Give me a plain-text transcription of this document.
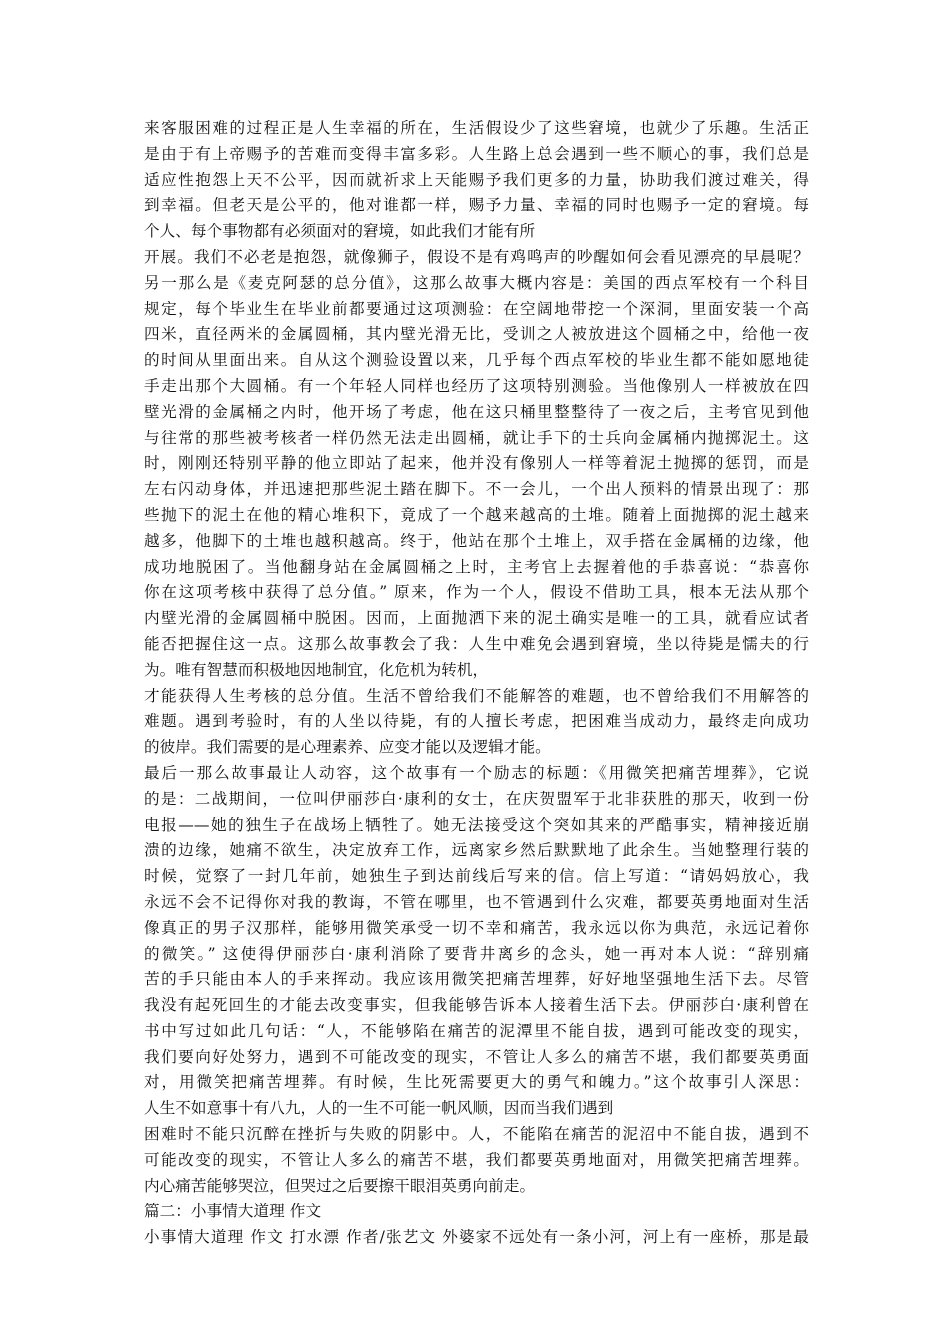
来客服困难的过程正是人生幸福的所在，生活假设少了这些窘境，也就少了乐趣。生活正
是由于有上帝赐予的苦难而变得丰富多彩。人生路上总会遇到一些不顺心的事，我们总是
适应性抱怨上天不公平，因而就祈求上天能赐予我们更多的力量，协助我们渡过难关，得
到幸福。但老天是公平的，他对谁都一样，赐予力量、幸福的同时也赐予一定的窘境。每
个人、每个事物都有必须面对的窘境，如此我们才能有所
开展。我们不必老是抱怨，就像狮子，假设不是有鸡鸣声的吵醒如何会看见漂亮的早晨呢？
另一那么是《麦克阿瑟的总分值》，这那么故事大概内容是：美国的西点军校有一个科目
规定，每个毕业生在毕业前都要通过这项测验：在空阔地带挖一个深洞，里面安装一个高
四米，直径两米的金属圆桶，其内壁光滑无比，受训之人被放进这个圆桶之中，给他一夜
的时间从里面出来。自从这个测验设置以来，几乎每个西点军校的毕业生都不能如愿地徒
手走出那个大圆桶。有一个年轻人同样也经历了这项特别测验。当他像别人一样被放在四
壁光滑的金属桶之内时，他开场了考虑，他在这只桶里整整待了一夜之后，主考官见到他
与往常的那些被考核者一样仍然无法走出圆桶，就让手下的士兵向金属桶内抛掷泥土。这
时，刚刚还特别平静的他立即站了起来，他并没有像别人一样等着泥土抛掷的惩罚，而是
左右闪动身体，并迅速把那些泥土踏在脚下。不一会儿，一个出人预料的情景出现了：那
些抛下的泥土在他的精心堆积下，竟成了一个越来越高的土堆。随着上面抛掷的泥土越来
越多，他脚下的土堆也越积越高。终于，他站在那个土堆上，双手搭在金属桶的边缘，他
成功地脱困了。当他翻身站在金属圆桶之上时，主考官上去握着他的手恭喜说：“恭喜你
你在这项考核中获得了总分值。” 原来，作为一个人，假设不借助工具，根本无法从那个
内壁光滑的金属圆桶中脱困。因而，上面抛洒下来的泥土确实是唯一的工具，就看应试者
能否把握住这一点。这那么故事教会了我：人生中难免会遇到窘境，坐以待毙是懦夫的行
为。唯有智慧而积极地因地制宜，化危机为转机，
才能获得人生考核的总分值。生活不曾给我们不能解答的难题，也不曾给我们不用解答的
难题。遇到考验时，有的人坐以待毙，有的人擅长考虑，把困难当成动力，最终走向成功
的彼岸。我们需要的是心理素养、应变才能以及逻辑才能。
最后一那么故事最让人动容，这个故事有一个励志的标题：《用微笑把痛苦埋葬》，它说
的是：二战期间，一位叫伊丽莎白·康利的女士，在庆贺盟军于北非获胜的那天，收到一份
电报——她的独生子在战场上牺牲了。她无法接受这个突如其来的严酷事实，精神接近崩
溃的边缘，她痛不欲生，决定放弃工作，远离家乡然后默默地了此余生。当她整理行装的
时候，觉察了一封几年前，她独生子到达前线后写来的信。信上写道：“请妈妈放心，我
永远不会不记得你对我的教诲，不管在哪里，也不管遇到什么灾难，都要英勇地面对生活
像真正的男子汉那样，能够用微笑承受一切不幸和痛苦，我永远以你为典范，永远记着你
的微笑。” 这使得伊丽莎白·康利消除了要背井离乡的念头，她一再对本人说：“辞别痛
苦的手只能由本人的手来挥动。我应该用微笑把痛苦埋葬，好好地坚强地生活下去。尽管
我没有起死回生的才能去改变事实，但我能够告诉本人接着生活下去。伊丽莎白·康利曾在
书中写过如此几句话：“人，不能够陷在痛苦的泥潭里不能自拔，遇到可能改变的现实，
我们要向好处努力，遇到不可能改变的现实，不管让人多么的痛苦不堪，我们都要英勇面
对，用微笑把痛苦埋葬。有时候，生比死需要更大的勇气和魄力。”这个故事引人深思：
人生不如意事十有八九，人的一生不可能一帆风顺，因而当我们遇到
困难时不能只沉醉在挫折与失败的阴影中。人，不能陷在痛苦的泥沼中不能自拔，遇到不
可能改变的现实，不管让人多么的痛苦不堪，我们都要英勇地面对，用微笑把痛苦埋葬。
内心痛苦能够哭泣，但哭过之后要擦干眼泪英勇向前走。
篇二：小事情大道理 作文
小事情大道理 作文 打水漂 作者/张艺文 外婆家不远处有一条小河，河上有一座桥，那是最
